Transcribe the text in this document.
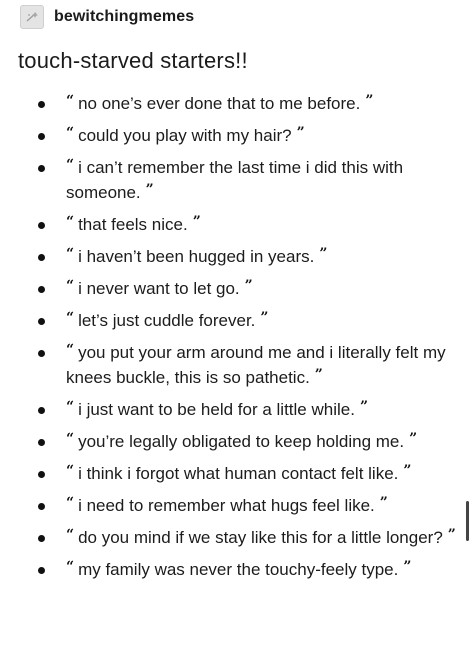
bewitchingmemes
touch-starved starters!!
“ no one’s ever done that to me before. ”
“ could you play with my hair? ”
“ i can’t remember the last time i did this with someone. ”
“ that feels nice. ”
“ i haven’t been hugged in years. ”
“ i never want to let go. ”
“ let’s just cuddle forever. ”
“ you put your arm around me and i literally felt my knees buckle, this is so pathetic. ”
“ i just want to be held for a little while. ”
“ you’re legally obligated to keep holding me. ”
“ i think i forgot what human contact felt like. ”
“ i need to remember what hugs feel like. ”
“ do you mind if we stay like this for a little longer? ”
“ my family was never the touchy-feely type. ”
